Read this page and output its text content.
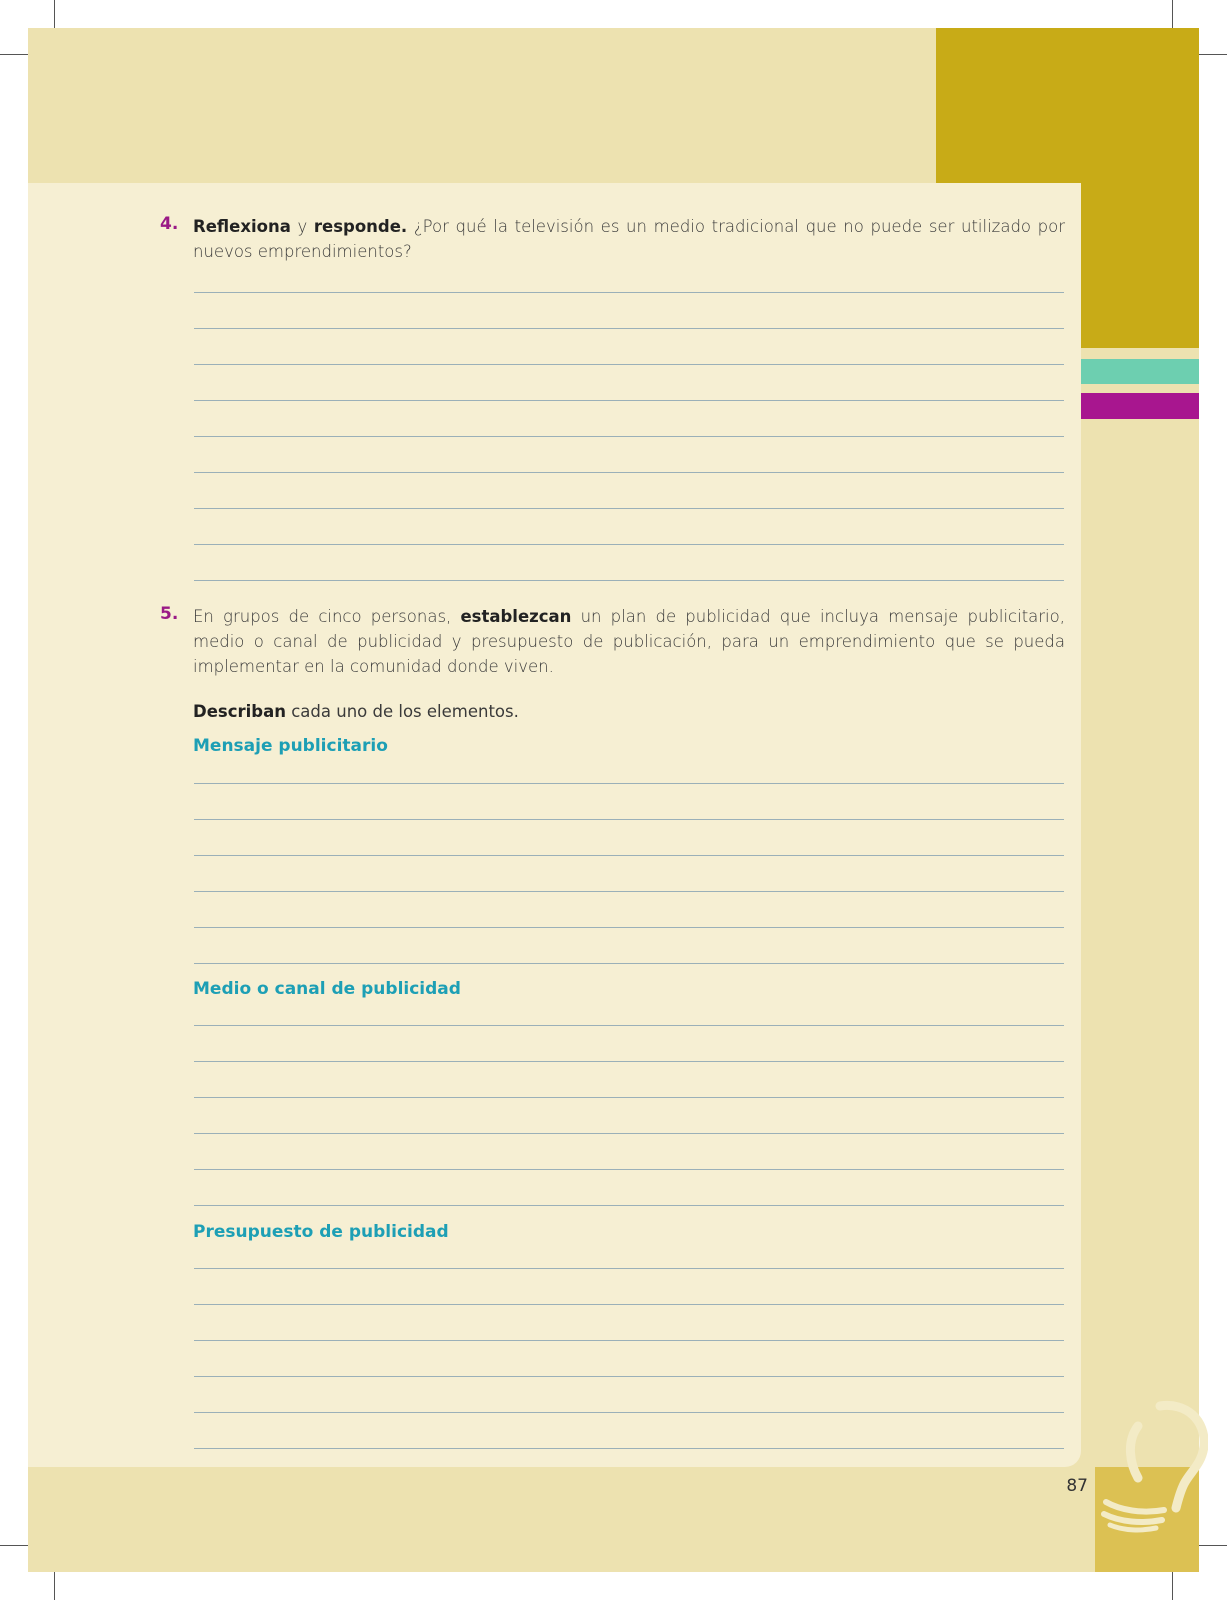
4. Reflexiona y responde. ¿Por qué la televisión es un medio tradicional que no puede ser utilizado por nuevos emprendimientos?
5. En grupos de cinco personas, establezcan un plan de publicidad que incluya mensaje publicitario, medio o canal de publicidad y presupuesto de publicación, para un emprendimiento que se pueda implementar en la comunidad donde viven.
Describan cada uno de los elementos.
Mensaje publicitario
Medio o canal de publicidad
Presupuesto de publicidad
87
